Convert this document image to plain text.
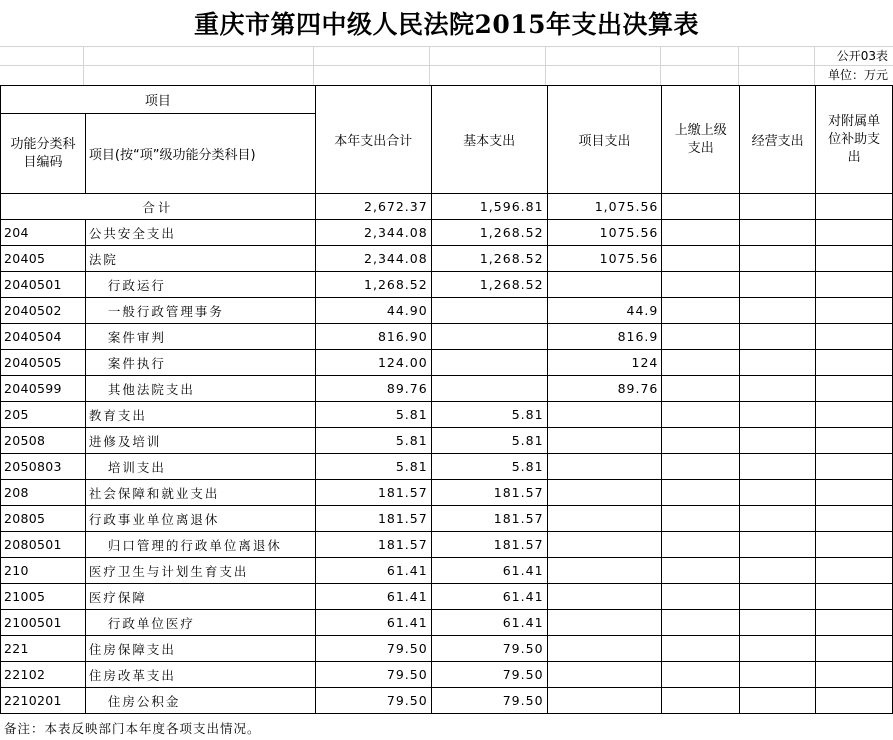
重庆市第四中级人民法院2015年支出决算表
公开03表
单位：万元
项目		本年支出合计	基本支出	项目支出	上缴上级支出	经营支出	对附属单位补助支出
功能分类科目编码	项目(按“项”级功能分类科目)						
合计		2,672.37	1,596.81	1,075.56			
204	公共安全支出	2,344.08	1,268.52	1075.56			
20405	法院	2,344.08	1,268.52	1075.56			
2040501	行政运行	1,268.52	1,268.52				
2040502	一般行政管理事务	44.90		44.9			
2040504	案件审判	816.90		816.9			
2040505	案件执行	124.00		124			
2040599	其他法院支出	89.76		89.76			
205	教育支出	5.81	5.81				
20508	进修及培训	5.81	5.81				
2050803	培训支出	5.81	5.81				
208	社会保障和就业支出	181.57	181.57				
20805	行政事业单位离退休	181.57	181.57				
2080501	归口管理的行政单位离退休	181.57	181.57				
210	医疗卫生与计划生育支出	61.41	61.41				
21005	医疗保障	61.41	61.41				
2100501	行政单位医疗	61.41	61.41				
221	住房保障支出	79.50	79.50				
22102	住房改革支出	79.50	79.50				
2210201	住房公积金	79.50	79.50				
备注：本表反映部门本年度各项支出情况。
